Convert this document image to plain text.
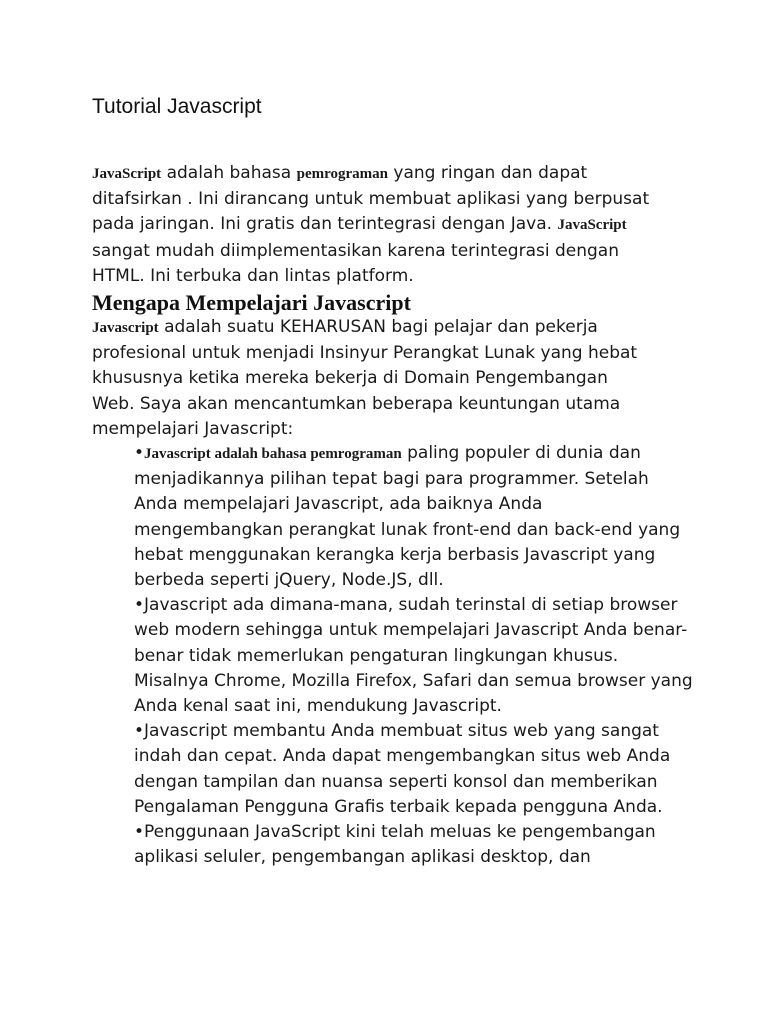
Tutorial Javascript

JavaScript adalah bahasa pemrograman yang ringan dan dapat ditafsirkan . Ini dirancang untuk membuat aplikasi yang berpusat pada jaringan. Ini gratis dan terintegrasi dengan Java. JavaScript sangat mudah diimplementasikan karena terintegrasi dengan HTML. Ini terbuka dan lintas platform.

Mengapa Mempelajari Javascript

Javascript adalah suatu KEHARUSAN bagi pelajar dan pekerja profesional untuk menjadi Insinyur Perangkat Lunak yang hebat khususnya ketika mereka bekerja di Domain Pengembangan Web. Saya akan mencantumkan beberapa keuntungan utama mempelajari Javascript:

•Javascript adalah bahasa pemrograman paling populer di dunia dan menjadikannya pilihan tepat bagi para programmer. Setelah Anda mempelajari Javascript, ada baiknya Anda mengembangkan perangkat lunak front-end dan back-end yang hebat menggunakan kerangka kerja berbasis Javascript yang berbeda seperti jQuery, Node.JS, dll.
•Javascript ada dimana-mana, sudah terinstal di setiap browser web modern sehingga untuk mempelajari Javascript Anda benar-benar tidak memerlukan pengaturan lingkungan khusus. Misalnya Chrome, Mozilla Firefox, Safari dan semua browser yang Anda kenal saat ini, mendukung Javascript.
•Javascript membantu Anda membuat situs web yang sangat indah dan cepat. Anda dapat mengembangkan situs web Anda dengan tampilan dan nuansa seperti konsol dan memberikan Pengalaman Pengguna Grafis terbaik kepada pengguna Anda.
•Penggunaan JavaScript kini telah meluas ke pengembangan aplikasi seluler, pengembangan aplikasi desktop, dan
